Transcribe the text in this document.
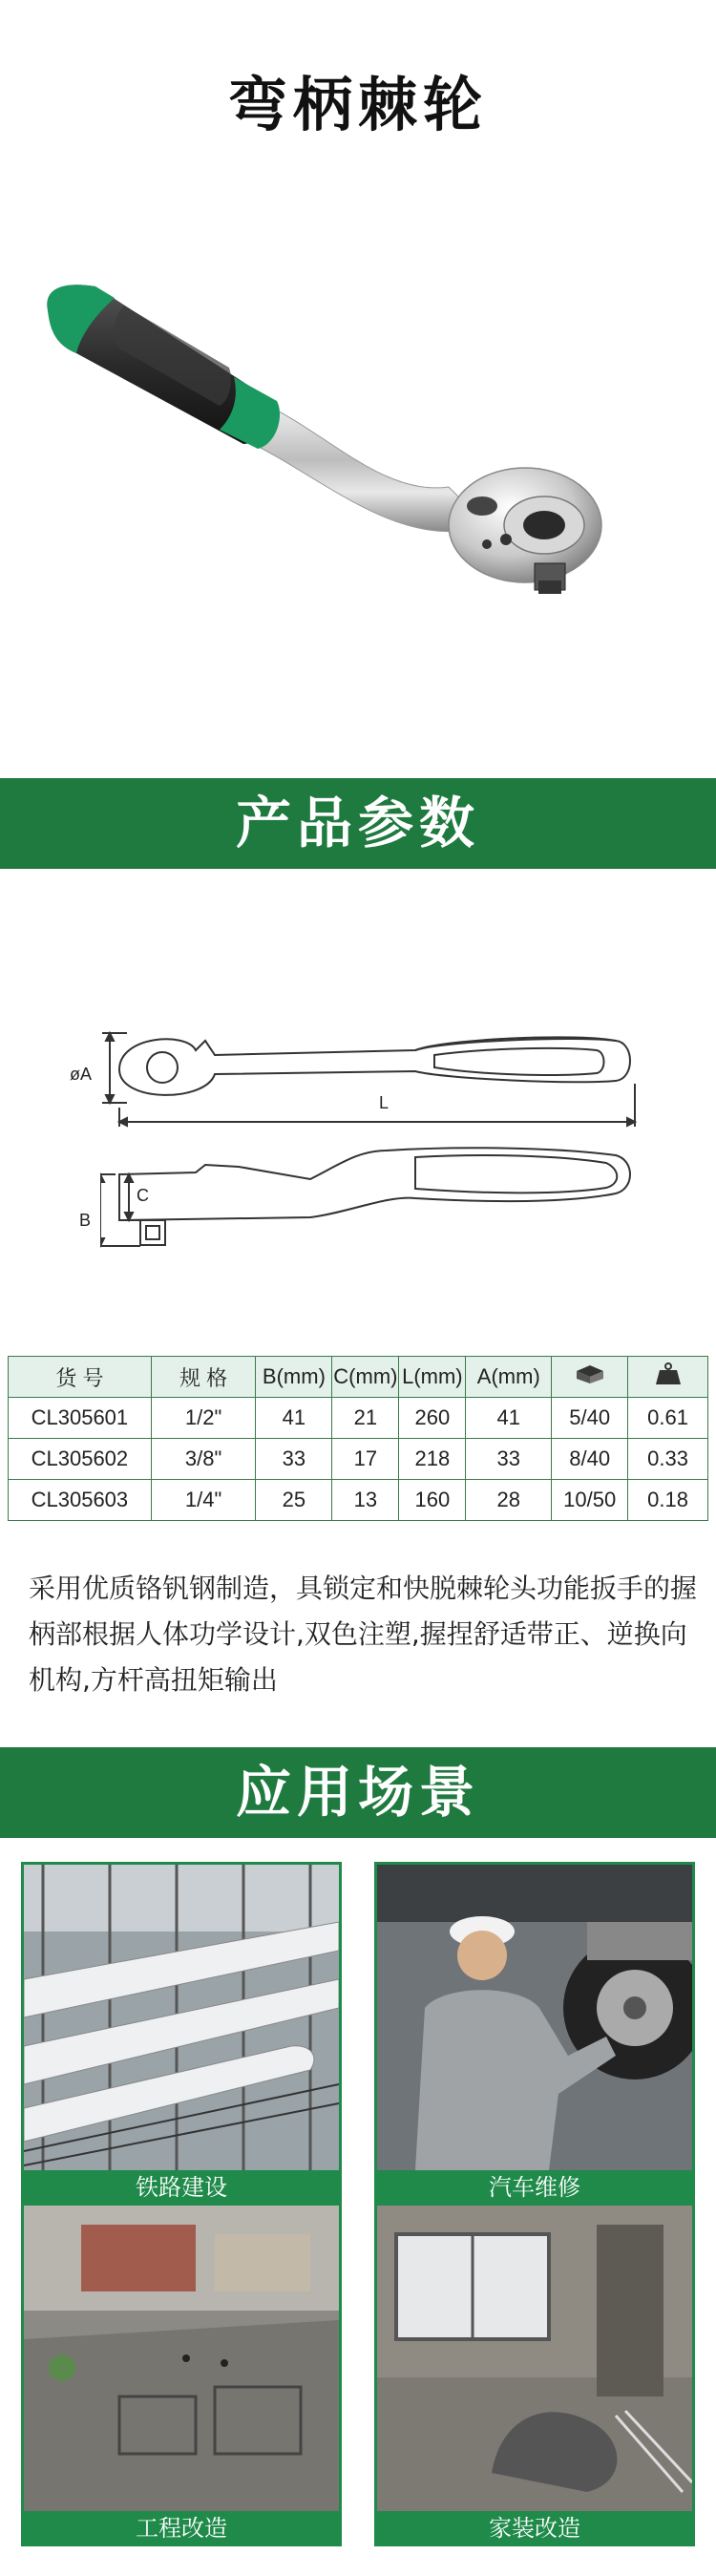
弯柄棘轮
产品参数
øA
L
B
C
货 号	规 格	B(mm)	C(mm)	L(mm)	A(mm)		
CL305601	1/2"	41	21	260	41	5/40	0.61
CL305602	3/8"	33	17	218	33	8/40	0.33
CL305603	1/4"	25	13	160	28	10/50	0.18
采用优质铬钒钢制造，具锁定和快脱棘轮头功能扳手的握柄部根据人体功学设计,双色注塑,握捏舒适带正、逆换向机构,方杆高扭矩输出
应用场景
铁路建设	汽车维修
工程改造	家装改造
